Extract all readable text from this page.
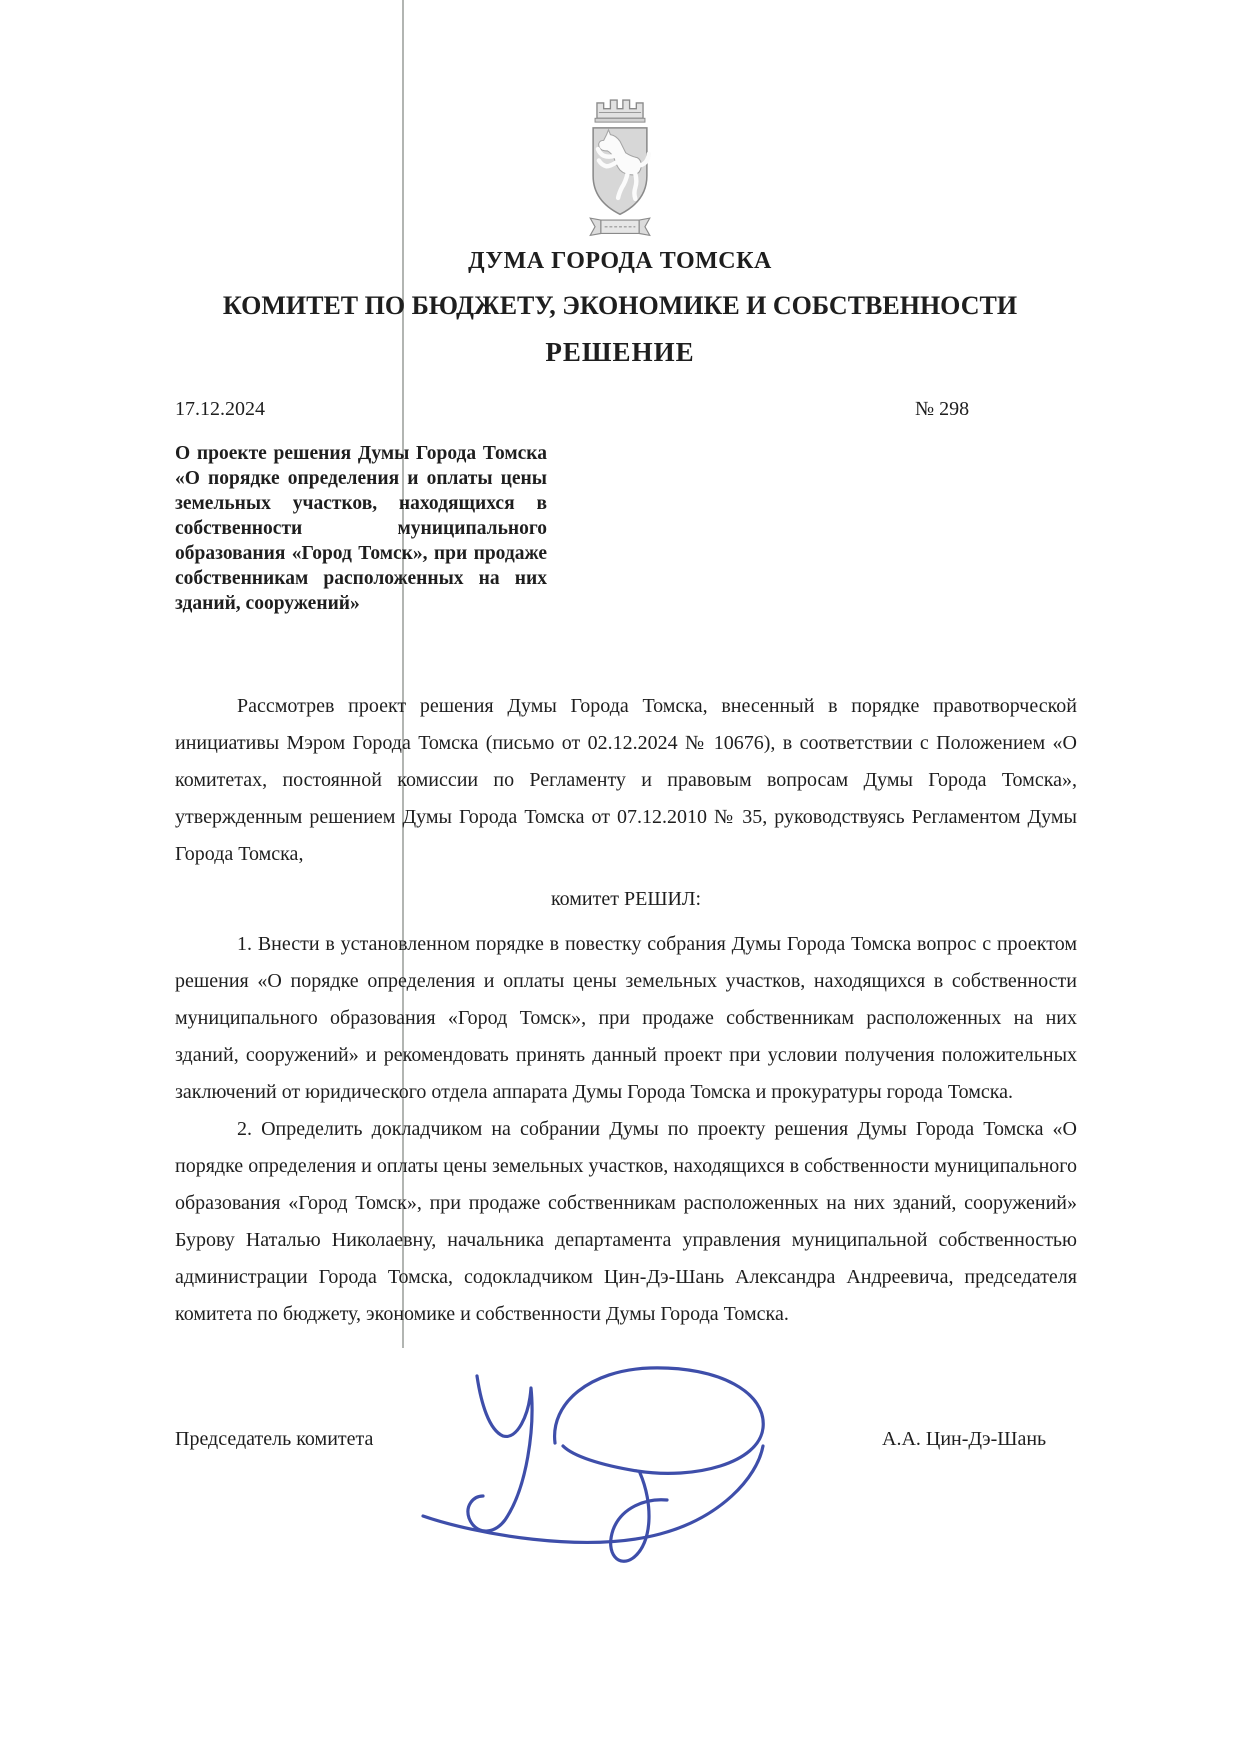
ДУМА ГОРОДА ТОМСКА
КОМИТЕТ ПО БЮДЖЕТУ, ЭКОНОМИКЕ И СОБСТВЕННОСТИ
РЕШЕНИЕ
17.12.2024	№ 298
О проекте решения Думы Города Томска «О порядке определения и оплаты цены земельных участков, находящихся в собственности муниципального образования «Город Томск», при продаже собственникам расположенных на них зданий, сооружений»

Рассмотрев проект решения Думы Города Томска, внесенный в порядке правотворческой инициативы Мэром Города Томска (письмо от 02.12.2024 № 10676), в соответствии с Положением «О комитетах, постоянной комиссии по Регламенту и правовым вопросам Думы Города Томска», утвержденным решением Думы Города Томска от 07.12.2010 № 35, руководствуясь Регламентом Думы Города Томска,

комитет РЕШИЛ:

1. Внести в установленном порядке в повестку собрания Думы Города Томска вопрос с проектом решения «О порядке определения и оплаты цены земельных участков, находящихся в собственности муниципального образования «Город Томск», при продаже собственникам расположенных на них зданий, сооружений» и рекомендовать принять данный проект при условии получения положительных заключений от юридического отдела аппарата Думы Города Томска и прокуратуры города Томска.

2. Определить докладчиком на собрании Думы по проекту решения Думы Города Томска «О порядке определения и оплаты цены земельных участков, находящихся в собственности муниципального образования «Город Томск», при продаже собственникам расположенных на них зданий, сооружений» Бурову Наталью Николаевну, начальника департамента управления муниципальной собственностью администрации Города Томска, содокладчиком Цин-Дэ-Шань Александра Андреевича, председателя комитета по бюджету, экономике и собственности Думы Города Томска.

Председатель комитета	А.А. Цин-Дэ-Шань
